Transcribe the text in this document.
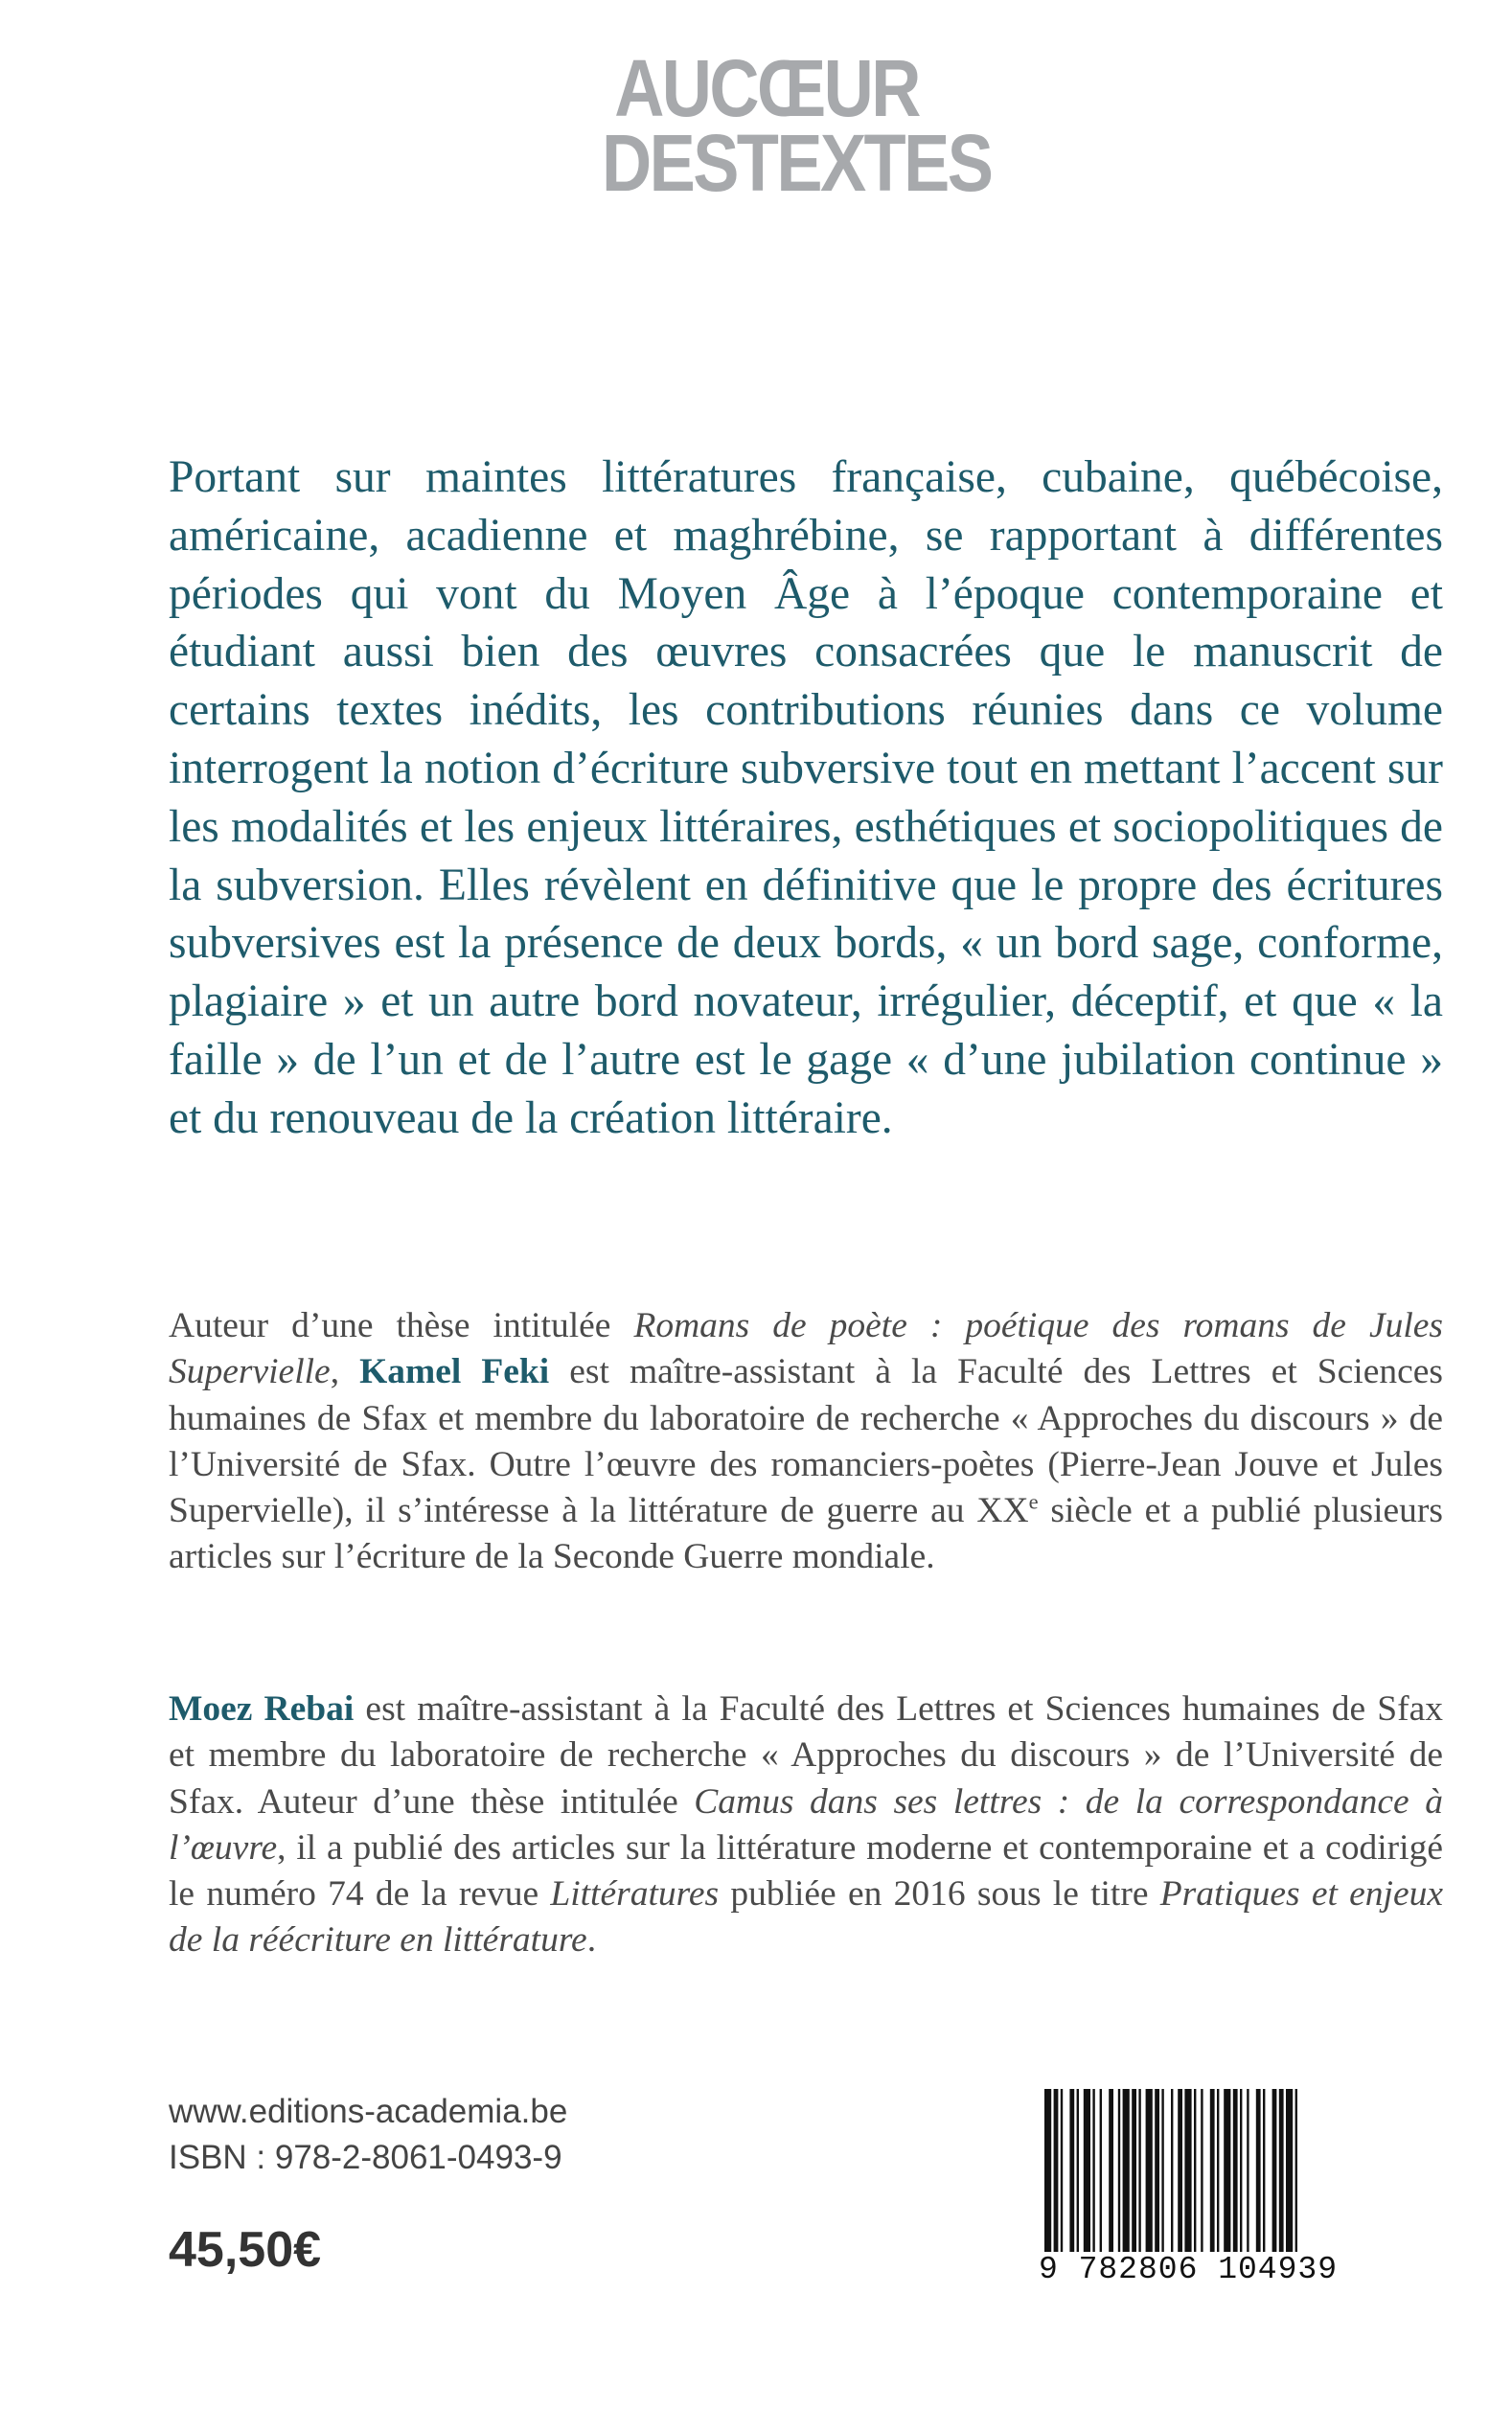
AUCŒUR
DESTEXTES

Portant sur maintes littératures française, cubaine, québécoise, américaine, acadienne et maghrébine, se rapportant à différentes périodes qui vont du Moyen Âge à l’époque contemporaine et étudiant aussi bien des œuvres consacrées que le manuscrit de certains textes inédits, les contributions réunies dans ce volume interrogent la notion d’écriture subversive tout en mettant l’accent sur les modalités et les enjeux littéraires, esthétiques et sociopolitiques de la subversion. Elles révèlent en définitive que le propre des écritures subversives est la présence de deux bords, « un bord sage, conforme, plagiaire » et un autre bord novateur, irrégulier, déceptif, et que « la faille » de l’un et de l’autre est le gage « d’une jubilation continue » et du renouveau de la création littéraire.

Auteur d’une thèse intitulée Romans de poète : poétique des romans de Jules Supervielle, Kamel Feki est maître-assistant à la Faculté des Lettres et Sciences humaines de Sfax et membre du laboratoire de recherche « Approches du discours » de l’Université de Sfax. Outre l’œuvre des romanciers-poètes (Pierre-Jean Jouve et Jules Supervielle), il s’intéresse à la littérature de guerre au XXe siècle et a publié plusieurs articles sur l’écriture de la Seconde Guerre mondiale.

Moez Rebai est maître-assistant à la Faculté des Lettres et Sciences humaines de Sfax et membre du laboratoire de recherche « Approches du discours » de l’Université de Sfax. Auteur d’une thèse intitulée Camus dans ses lettres : de la correspondance à l’œuvre, il a publié des articles sur la littérature moderne et contemporaine et a codirigé le numéro 74 de la revue Littératures publiée en 2016 sous le titre Pratiques et enjeux de la réécriture en littérature.

www.editions-academia.be
ISBN : 978-2-8061-0493-9
45,50€	9 782806 104939
